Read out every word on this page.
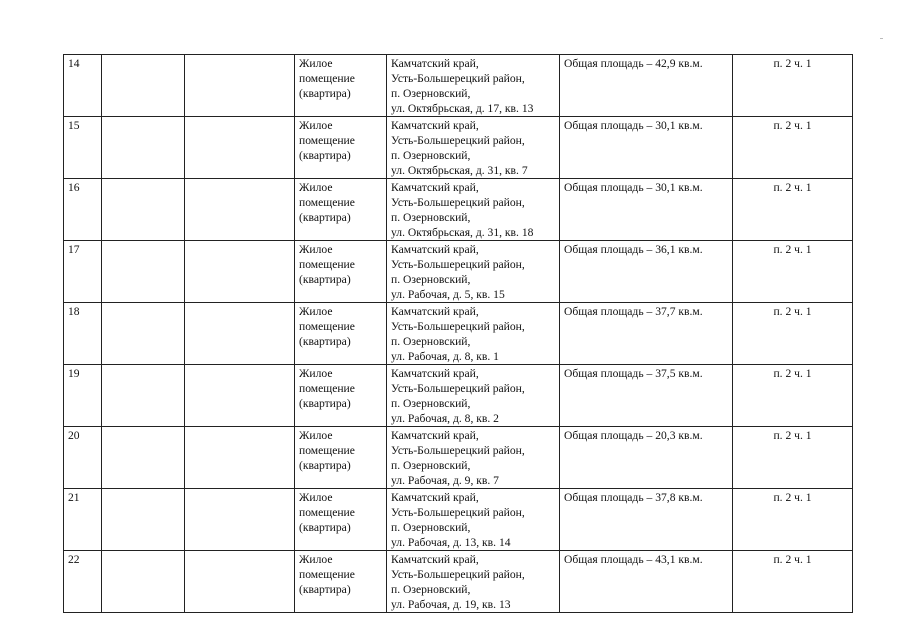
14			Жилое
помещение
(квартира)	Камчатский край,
Усть-Большерецкий район,
п. Озерновский,
ул. Октябрьская, д. 17, кв. 13	Общая площадь – 42,9 кв.м.	п. 2 ч. 1
15			Жилое
помещение
(квартира)	Камчатский край,
Усть-Большерецкий район,
п. Озерновский,
ул. Октябрьская, д. 31, кв. 7	Общая площадь – 30,1 кв.м.	п. 2 ч. 1
16			Жилое
помещение
(квартира)	Камчатский край,
Усть-Большерецкий район,
п. Озерновский,
ул. Октябрьская, д. 31, кв. 18	Общая площадь – 30,1 кв.м.	п. 2 ч. 1
17			Жилое
помещение
(квартира)	Камчатский край,
Усть-Большерецкий район,
п. Озерновский,
ул. Рабочая, д. 5, кв. 15	Общая площадь – 36,1 кв.м.	п. 2 ч. 1
18			Жилое
помещение
(квартира)	Камчатский край,
Усть-Большерецкий район,
п. Озерновский,
ул. Рабочая, д. 8, кв. 1	Общая площадь – 37,7 кв.м.	п. 2 ч. 1
19			Жилое
помещение
(квартира)	Камчатский край,
Усть-Большерецкий район,
п. Озерновский,
ул. Рабочая, д. 8, кв. 2	Общая площадь – 37,5 кв.м.	п. 2 ч. 1
20			Жилое
помещение
(квартира)	Камчатский край,
Усть-Большерецкий район,
п. Озерновский,
ул. Рабочая, д. 9, кв. 7	Общая площадь – 20,3 кв.м.	п. 2 ч. 1
21			Жилое
помещение
(квартира)	Камчатский край,
Усть-Большерецкий район,
п. Озерновский,
ул. Рабочая, д. 13, кв. 14	Общая площадь – 37,8 кв.м.	п. 2 ч. 1
22			Жилое
помещение
(квартира)	Камчатский край,
Усть-Большерецкий район,
п. Озерновский,
ул. Рабочая, д. 19, кв. 13	Общая площадь – 43,1 кв.м.	п. 2 ч. 1
